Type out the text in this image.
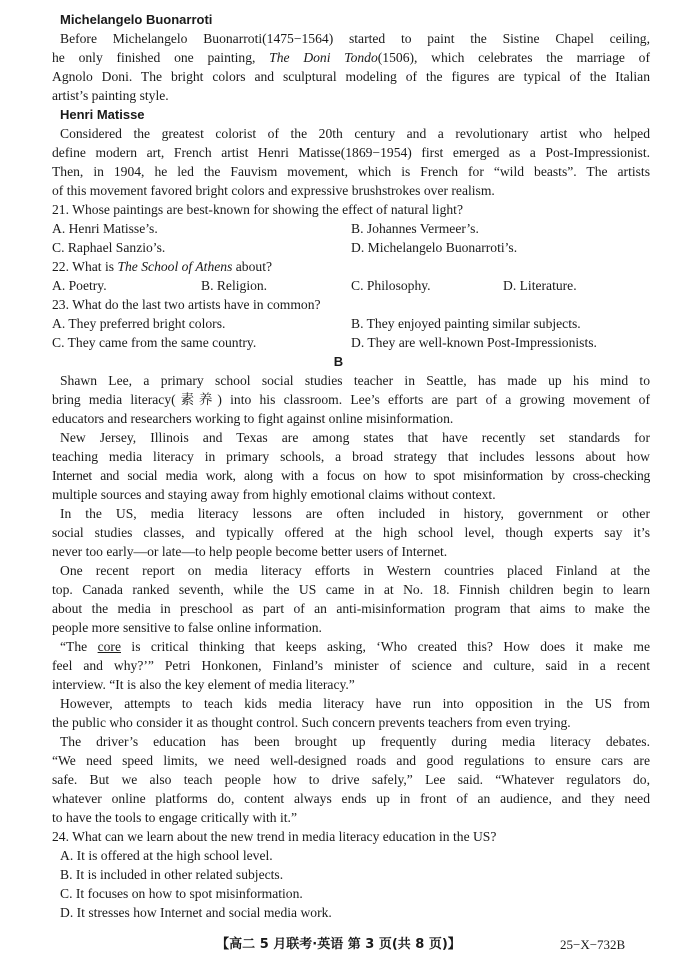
Michelangelo Buonarroti
Before Michelangelo Buonarroti(1475−1564) started to paint the Sistine Chapel ceiling,
he only finished one painting, The Doni Tondo(1506), which celebrates the marriage of
Agnolo Doni. The bright colors and sculptural modeling of the figures are typical of the Italian
artist’s painting style.
Henri Matisse
Considered the greatest colorist of the 20th century and a revolutionary artist who helped
define modern art, French artist Henri Matisse(1869−1954) first emerged as a Post-Impressionist.
Then, in 1904, he led the Fauvism movement, which is French for “wild beasts”. The artists
of this movement favored bright colors and expressive brushstrokes over realism.
21. Whose paintings are best-known for showing the effect of natural light?
A. Henri Matisse’s.	B. Johannes Vermeer’s.
C. Raphael Sanzio’s.	D. Michelangelo Buonarroti’s.
22. What is The School of Athens about?
A. Poetry.	B. Religion.	C. Philosophy.	D. Literature.
23. What do the last two artists have in common?
A. They preferred bright colors.	B. They enjoyed painting similar subjects.
C. They came from the same country.	D. They are well-known Post-Impressionists.
B
Shawn Lee, a primary school social studies teacher in Seattle, has made up his mind to
bring media literacy(素养) into his classroom. Lee’s efforts are part of a growing movement of
educators and researchers working to fight against online misinformation.
New Jersey, Illinois and Texas are among states that have recently set standards for
teaching media literacy in primary schools, a broad strategy that includes lessons about how
Internet and social media work, along with a focus on how to spot misinformation by cross-checking
multiple sources and staying away from highly emotional claims without context.
In the US, media literacy lessons are often included in history, government or other
social studies classes, and typically offered at the high school level, though experts say it’s
never too early—or late—to help people become better users of Internet.
One recent report on media literacy efforts in Western countries placed Finland at the
top. Canada ranked seventh, while the US came in at No. 18. Finnish children begin to learn
about the media in preschool as part of an anti-misinformation program that aims to make the
people more sensitive to false online information.
“The core is critical thinking that keeps asking, ‘Who created this? How does it make me
feel and why?’” Petri Honkonen, Finland’s minister of science and culture, said in a recent
interview. “It is also the key element of media literacy.”
However, attempts to teach kids media literacy have run into opposition in the US from
the public who consider it as thought control. Such concern prevents teachers from even trying.
The driver’s education has been brought up frequently during media literacy debates.
“We need speed limits, we need well-designed roads and good regulations to ensure cars are
safe. But we also teach people how to drive safely,” Lee said. “Whatever regulators do,
whatever online platforms do, content always ends up in front of an audience, and they need
to have the tools to engage critically with it.”
24. What can we learn about the new trend in media literacy education in the US?
A. It is offered at the high school level.
B. It is included in other related subjects.
C. It focuses on how to spot misinformation.
D. It stresses how Internet and social media work.
【高二 5 月联考·英语 第 3 页(共 8 页)】	25−X−732B
